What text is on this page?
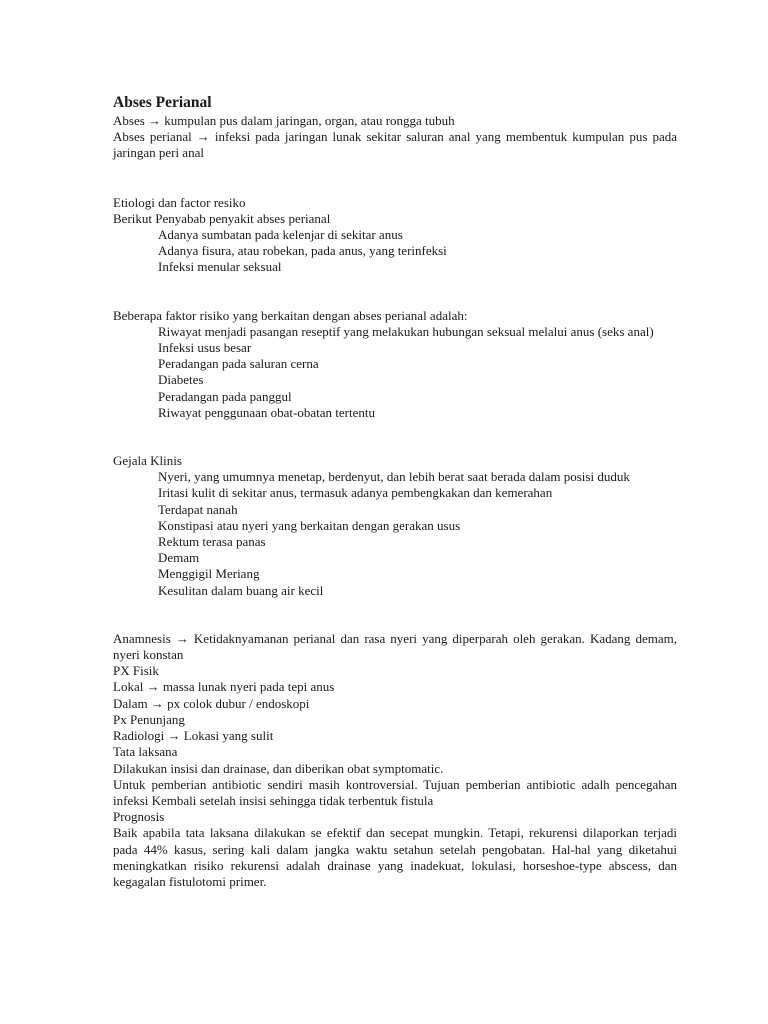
Abses Perianal

Abses → kumpulan pus dalam jaringan, organ, atau rongga tubuh

Abses perianal → infeksi pada jaringan lunak sekitar saluran anal yang membentuk kumpulan pus pada jaringan peri anal

Etiologi dan factor resiko

Berikut Penyabab penyakit abses perianal

Adanya sumbatan pada kelenjar di sekitar anus

Adanya fisura, atau robekan, pada anus, yang terinfeksi

Infeksi menular seksual

Beberapa faktor risiko yang berkaitan dengan abses perianal adalah:

Riwayat menjadi pasangan reseptif yang melakukan hubungan seksual melalui anus (seks anal)

Infeksi usus besar

Peradangan pada saluran cerna

Diabetes

Peradangan pada panggul

Riwayat penggunaan obat-obatan tertentu

Gejala Klinis

Nyeri, yang umumnya menetap, berdenyut, dan lebih berat saat berada dalam posisi duduk

Iritasi kulit di sekitar anus, termasuk adanya pembengkakan dan kemerahan

Terdapat nanah

Konstipasi atau nyeri yang berkaitan dengan gerakan usus

Rektum terasa panas

Demam

Menggigil Meriang

Kesulitan dalam buang air kecil

Anamnesis → Ketidaknyamanan perianal dan rasa nyeri yang diperparah oleh gerakan. Kadang demam, nyeri konstan

PX Fisik

Lokal → massa lunak nyeri pada tepi anus

Dalam → px colok dubur / endoskopi

Px Penunjang

Radiologi → Lokasi yang sulit

Tata laksana

Dilakukan insisi dan drainase, dan diberikan obat symptomatic.

Untuk pemberian antibiotic sendiri masih kontroversial. Tujuan pemberian antibiotic adalh pencegahan infeksi Kembali setelah insisi sehingga tidak terbentuk fistula

Prognosis

Baik apabila tata laksana dilakukan se efektif dan secepat mungkin. Tetapi, rekurensi dilaporkan terjadi pada 44% kasus, sering kali dalam jangka waktu setahun setelah pengobatan. Hal-hal yang diketahui meningkatkan risiko rekurensi adalah drainase yang inadekuat, lokulasi, horseshoe-type abscess, dan kegagalan fistulotomi primer.
